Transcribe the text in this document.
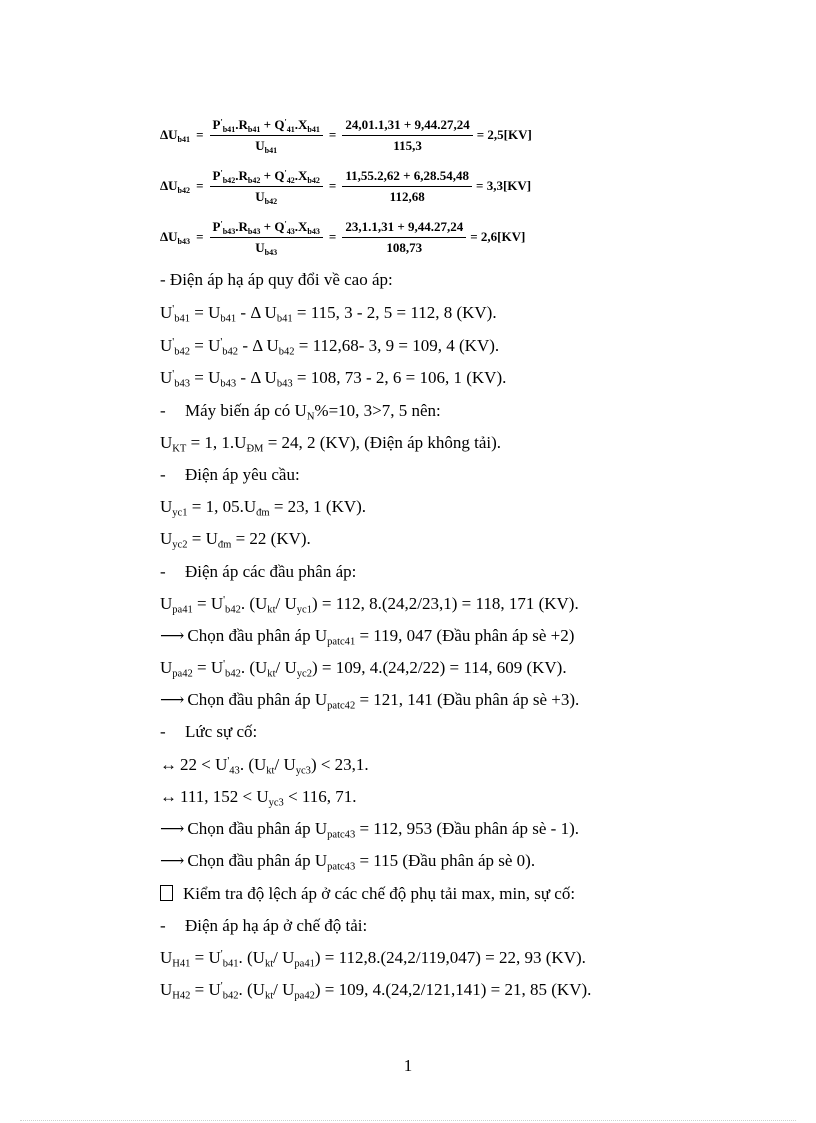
$\Delta U_{b41} = \frac{P'_{b41}.R_{b41} + Q'_{41}.X_{b41}}{U_{b41}} = \frac{24,01.1,31 + 9,44.27,24}{115,3} = 2,5[KV]$
$\Delta U_{b42} = \frac{P'_{b42}.R_{b42} + Q'_{42}.X_{b42}}{U_{b42}} = \frac{11,55.2,62 + 6,28.54,48}{112,68} = 3,3[KV]$
$\Delta U_{b43} = \frac{P'_{b43}.R_{b43} + Q'_{43}.X_{b43}}{U_{b43}} = \frac{23,1.1,31 + 9,44.27,24}{108,73} = 2,6[KV]$
- Điện áp hạ áp quy đổi về cao áp:
$U'_{b41} = U_{b41} - \Delta$ $U_{b41} = 115$, 3 - 2, 5 = 112, 8 (KV).
$U'_{b42} = U'_{b42} - \Delta$ $U_{b42} = 112,68-$ 3, 9 = 109, 4 (KV).
$U'_{b43} = U_{b43} - \Delta$ $U_{b43} = 108$, 73 - 2, 6 = 106, 1 (KV).
- Máy biến áp có $U_N\%=10$, 3>7, 5 nên:
$U_{KT} = 1$, $1.U_{ĐM} = 24$, 2 (KV), (Điện áp không tải).
- Điện áp yêu cầu:
$U_{yc1} = 1$, $05.U_{đm} = 23$, 1 (KV).
$U_{yc2} = U_{đm} = 22$ (KV).
- Điện áp các đầu phân áp:
$U_{pa41} = U'_{b42}$. ($U_{kt}/$ $U_{yc1}) = 112$, 8.(24,2/23,1) = 118, 171 (KV).
⟶ Chọn đầu phân áp $U_{patc41} = 119$, 047 (Đầu phân áp sè +2)
$U_{pa42} = U'_{b42}$. ($U_{kt}/$ $U_{yc2}) = 109$, 4.(24,2/22) = 114, 609 (KV).
⟶ Chọn đầu phân áp $U_{patc42} = 121$, 141 (Đầu phân áp sè +3).
- Lức sự cố:
↔ $22 < U'_{43}$. ($U_{kt}/$ $U_{yc3}) < 23,1$.
↔ 111, $152 < U_{yc3} < 116$, 71.
⟶ Chọn đầu phân áp $U_{patc43} = 112$, 953 (Đầu phân áp sè - 1).
⟶ Chọn đầu phân áp $U_{patc43} = 115$ (Đầu phân áp sè 0).
Kiểm tra độ lệch áp ở các chế độ phụ tải max, min, sự cố:
- Điện áp hạ áp ở chế độ tải:
$U_{H41} = U'_{b41}$. ($U_{kt}/$ $U_{pa41}) = 112,8.(24,2/119,047) = 22$, 93 (KV).
$U_{H42} = U'_{b42}$. ($U_{kt}/$ $U_{pa42}) = 109$, 4.(24,2/121,141) = 21, 85 (KV).
1
